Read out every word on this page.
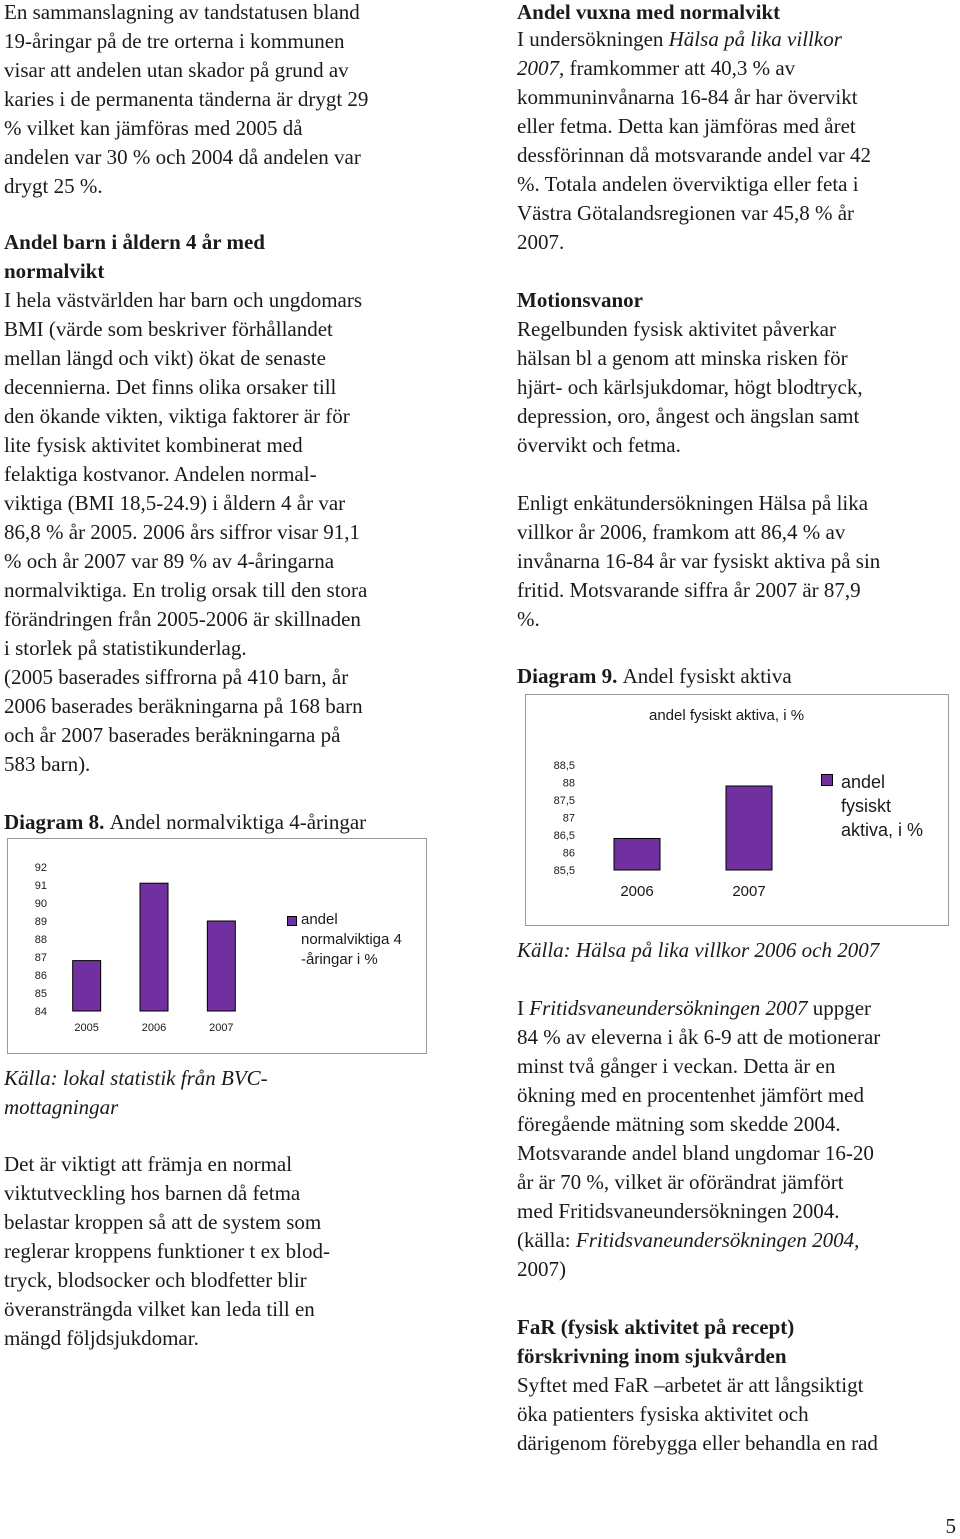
En sammanslagning av tandstatusen bland
19-åringar på de tre orterna i kommunen
visar att andelen utan skador på grund av
karies i de permanenta tänderna är drygt 29
% vilket kan jämföras med 2005 då
andelen var 30 % och 2004 då andelen var
drygt 25 %.
Andel barn i åldern 4 år med
normalvikt
I hela västvärlden har barn och ungdomars
BMI (värde som beskriver förhållandet
mellan längd och vikt) ökat de senaste
decennierna. Det finns olika orsaker till
den ökande vikten, viktiga faktorer är för
lite fysisk aktivitet kombinerat med
felaktiga kostvanor. Andelen normal-
viktiga (BMI 18,5-24.9) i åldern 4 år var
86,8 % år 2005. 2006 års siffror visar 91,1
% och år 2007 var 89 % av 4-åringarna
normalviktiga. En trolig orsak till den stora
förändringen från 2005-2006 är skillnaden
i storlek på statistikunderlag.
(2005 baserades siffrorna på 410 barn, år
2006 baserades beräkningarna på 168 barn
och år 2007 baserades beräkningarna på
583 barn).
Diagram 8. Andel normalviktiga 4-åringar
Källa: lokal statistik från BVC-
mottagningar
Det är viktigt att främja en normal
viktutveckling hos barnen då fetma
belastar kroppen så att de system som
reglerar kroppens funktioner t ex blod-
tryck, blodsocker och blodfetter blir
överansträngda vilket kan leda till en
mängd följdsjukdomar.
84
85
86
87
88
89
90
91
92
2005	2006	2007
andel
normalviktiga 4
-åringar i %
Andel vuxna med normalvikt
I undersökningen Hälsa på lika villkor
2007, framkommer att 40,3 % av
kommuninvånarna 16-84 år har övervikt
eller fetma. Detta kan jämföras med året
dessförinnan då motsvarande andel var 42
%. Totala andelen överviktiga eller feta i
Västra Götalandsregionen var 45,8 % år
2007.
Motionsvanor
Regelbunden fysisk aktivitet påverkar
hälsan bl a genom att minska risken för
hjärt- och kärlsjukdomar, högt blodtryck,
depression, oro, ångest och ängslan samt
övervikt och fetma.
Enligt enkätundersökningen Hälsa på lika
villkor år 2006, framkom att 86,4 % av
invånarna 16-84 år var fysiskt aktiva på sin
fritid. Motsvarande siffra år 2007 är 87,9
%.
Diagram 9. Andel fysiskt aktiva
Källa: Hälsa på lika villkor 2006 och 2007
I Fritidsvaneundersökningen 2007 uppger
84 % av eleverna i åk 6-9 att de motionerar
minst två gånger i veckan. Detta är en
ökning med en procentenhet jämfört med
föregående mätning som skedde 2004.
Motsvarande andel bland ungdomar 16-20
år är 70 %, vilket är oförändrat jämfört
med Fritidsvaneundersökningen 2004.
(källa: Fritidsvaneundersökningen 2004,
2007)
FaR (fysisk aktivitet på recept)
förskrivning inom sjukvården
Syftet med FaR –arbetet är att långsiktigt
öka patienters fysiska aktivitet och
därigenom förebygga eller behandla en rad
85,5
86
86,5
87
87,5
88
88,5
2006	2007
andel fysiskt aktiva, i %
andel
fysiskt
aktiva, i %
5
